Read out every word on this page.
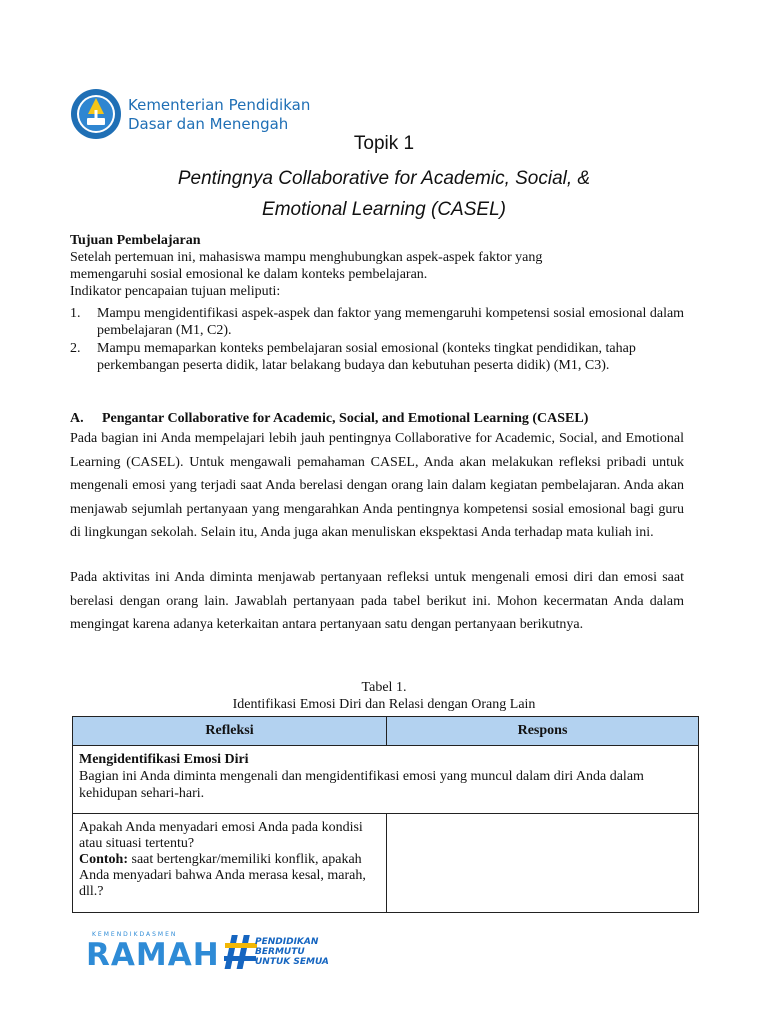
Kementerian Pendidikan
Dasar dan Menengah
Topik 1
Pentingnya Collaborative for Academic, Social, &
Emotional Learning (CASEL)
Tujuan Pembelajaran
Setelah pertemuan ini, mahasiswa mampu menghubungkan aspek-aspek faktor yang
memengaruhi sosial emosional ke dalam konteks pembelajaran.
Indikator pencapaian tujuan meliputi:
1. Mampu mengidentifikasi aspek-aspek dan faktor yang memengaruhi kompetensi sosial emosional dalam pembelajaran (M1, C2).
2. Mampu memaparkan konteks pembelajaran sosial emosional (konteks tingkat pendidikan, tahap perkembangan peserta didik, latar belakang budaya dan kebutuhan peserta didik) (M1, C3).
A. Pengantar Collaborative for Academic, Social, and Emotional Learning (CASEL)
Pada bagian ini Anda mempelajari lebih jauh pentingnya Collaborative for Academic, Social, and Emotional Learning (CASEL). Untuk mengawali pemahaman CASEL, Anda akan melakukan refleksi pribadi untuk mengenali emosi yang terjadi saat Anda berelasi dengan orang lain dalam kegiatan pembelajaran. Anda akan menjawab sejumlah pertanyaan yang mengarahkan Anda pentingnya kompetensi sosial emosional bagi guru di lingkungan sekolah. Selain itu, Anda juga akan menuliskan ekspektasi Anda terhadap mata kuliah ini.
Pada aktivitas ini Anda diminta menjawab pertanyaan refleksi untuk mengenali emosi diri dan emosi saat berelasi dengan orang lain. Jawablah pertanyaan pada tabel berikut ini. Mohon kecermatan Anda dalam mengingat karena adanya keterkaitan antara pertanyaan satu dengan pertanyaan berikutnya.
Tabel 1.
Identifikasi Emosi Diri dan Relasi dengan Orang Lain
Refleksi	Respons

Mengidentifikasi Emosi Diri
Bagian ini Anda diminta mengenali dan mengidentifikasi emosi yang muncul dalam diri Anda dalam kehidupan sehari-hari.	

Apakah Anda menyadari emosi Anda pada kondisi atau situasi tertentu?
Contoh: saat bertengkar/memiliki konflik, apakah Anda menyadari bahwa Anda merasa kesal, marah, dll.?	

KEMENDIKDASMEN
RAMAH	PENDIDIKAN
BERMUTU
UNTUK SEMUA
